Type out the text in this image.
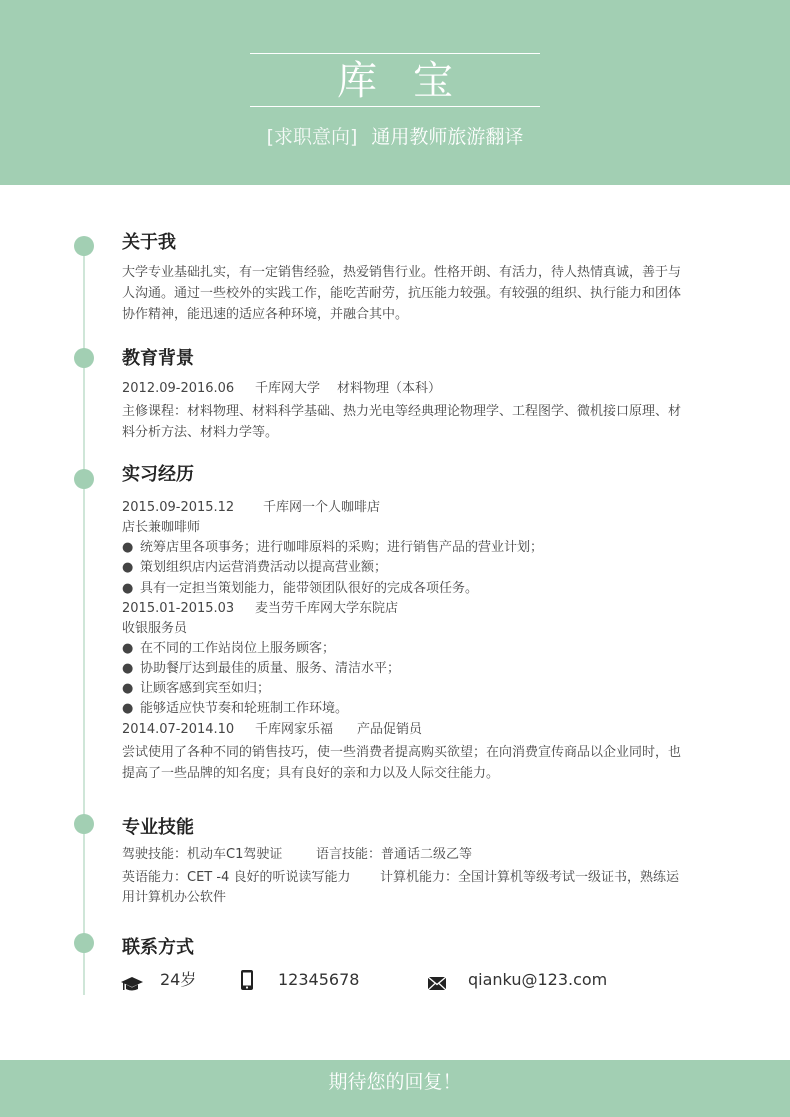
库宝
[求职意向] 通用教师旅游翻译
关于我
大学专业基础扎实，有一定销售经验，热爱销售行业。性格开朗、有活力，待人热情真诚，善于与
人沟通。通过一些校外的实践工作，能吃苦耐劳，抗压能力较强。有较强的组织、执行能力和团体
协作精神，能迅速的适应各种环境，并融合其中。
教育背景
2012.09-2016.06 千库网大学 材料物理（本科）
主修课程：材料物理、材料科学基础、热力光电等经典理论物理学、工程图学、微机接口原理、材
料分析方法、材料力学等。
实习经历
2015.09-2015.12 千库网一个人咖啡店
店长兼咖啡师
● 统筹店里各项事务；进行咖啡原料的采购；进行销售产品的营业计划；
● 策划组织店内运营消费活动以提高营业额；
● 具有一定担当策划能力，能带领团队很好的完成各项任务。
2015.01-2015.03 麦当劳千库网大学东院店
收银服务员
● 在不同的工作站岗位上服务顾客；
● 协助餐厅达到最佳的质量、服务、清洁水平；
● 让顾客感到宾至如归；
● 能够适应快节奏和轮班制工作环境。
2014.07-2014.10 千库网家乐福 产品促销员
尝试使用了各种不同的销售技巧，使一些消费者提高购买欲望；在向消费宣传商品以企业同时，也
提高了一些品牌的知名度；具有良好的亲和力以及人际交往能力。
专业技能
驾驶技能：机动车C1驾驶证	语言技能：普通话二级乙等
英语能力：CET -4 良好的听说读写能力 计算机能力：全国计算机等级考试一级证书，熟练运
用计算机办公软件
联系方式
24岁	12345678	qianku@123.com
期待您的回复！
